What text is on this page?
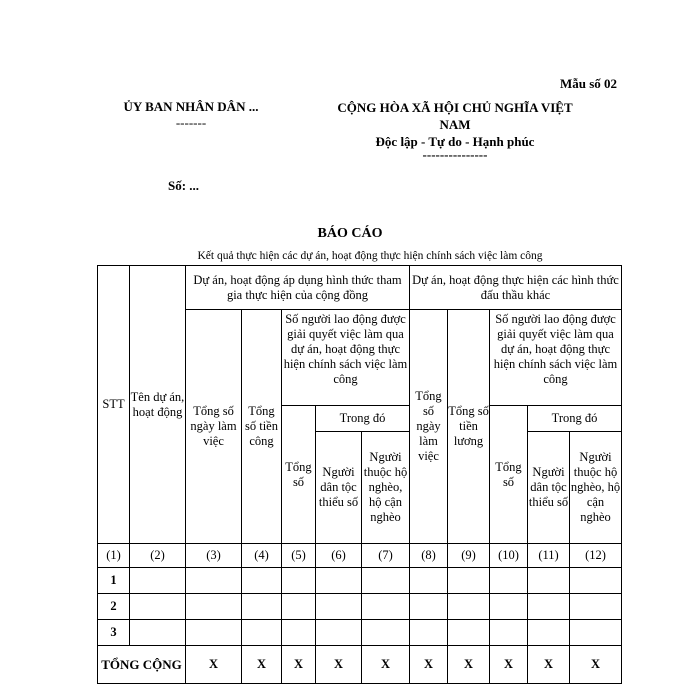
Mẫu số 02
ỦY BAN NHÂN DÂN ...
-------
CỘNG HÒA XÃ HỘI CHỦ NGHĨA VIỆT
NAM
Độc lập - Tự do - Hạnh phúc
---------------
Số: ...
BÁO CÁO
Kết quả thực hiện các dự án, hoạt động thực hiện chính sách việc làm công
STT	Tên dự án, hoạt động	Dự án, hoạt động áp dụng hình thức tham gia thực hiện của cộng đồng					Dự án, hoạt động thực hiện các hình thức đấu thầu khác				
		Tổng số ngày làm việc	Tổng số tiền công	Số người lao động được giải quyết việc làm qua dự án, hoạt động thực hiện chính sách việc làm công			Tổng số ngày làm việc	Tổng số tiền lương	Số người lao động được giải quyết việc làm qua dự án, hoạt động thực hiện chính sách việc làm công		
				Tổng số	Trong đó				Tổng số	Trong đó	
					Người dân tộc thiểu số	Người thuộc hộ nghèo, hộ cận nghèo				Người dân tộc thiểu số	Người thuộc hộ nghèo, hộ cận nghèo
(1)	(2)	(3)	(4)	(5)	(6)	(7)	(8)	(9)	(10)	(11)	(12)
1											
2											
3											
TỔNG CỘNG		X	X	X	X	X	X	X	X	X	X
